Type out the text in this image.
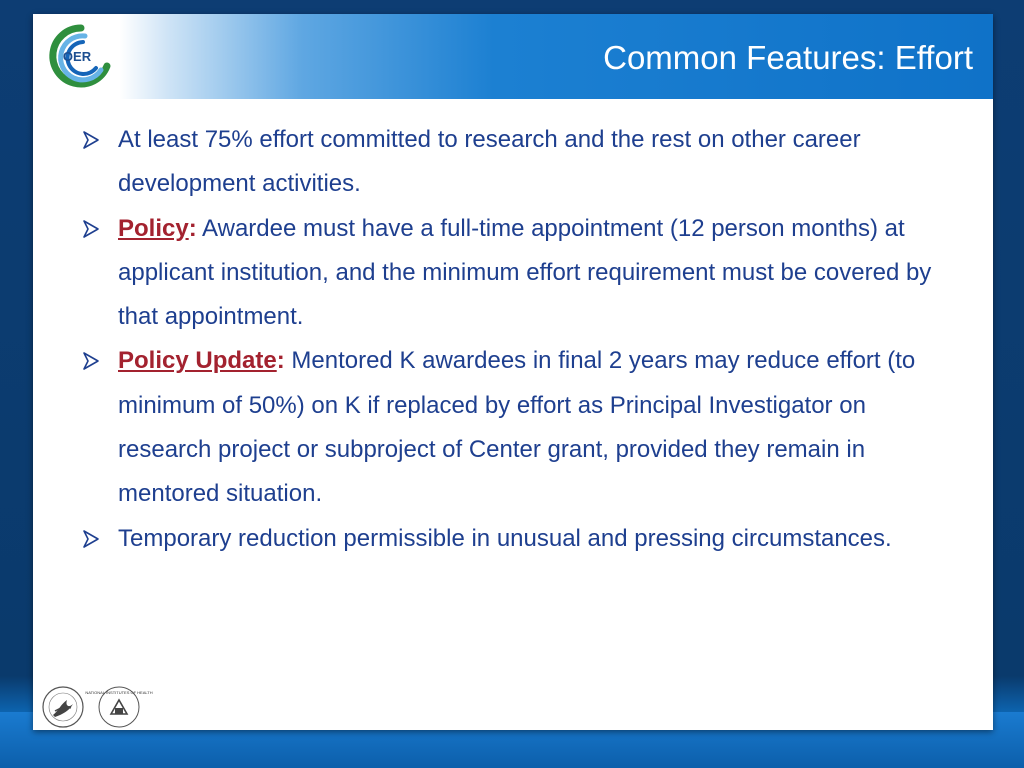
OER	Common Features: Effort
At least 75% effort committed to research and the rest on other career development activities.
Policy: Awardee must have a full-time appointment (12 person months) at applicant institution, and the minimum effort requirement must be covered by that appointment.
Policy Update: Mentored K awardees in final 2 years may reduce effort (to minimum of 50%) on K if replaced by effort as Principal Investigator on research project or subproject of Center grant, provided they remain in mentored situation.
Temporary reduction permissible in unusual and pressing circumstances.
NATIONAL INSTITUTES OF HEALTH
